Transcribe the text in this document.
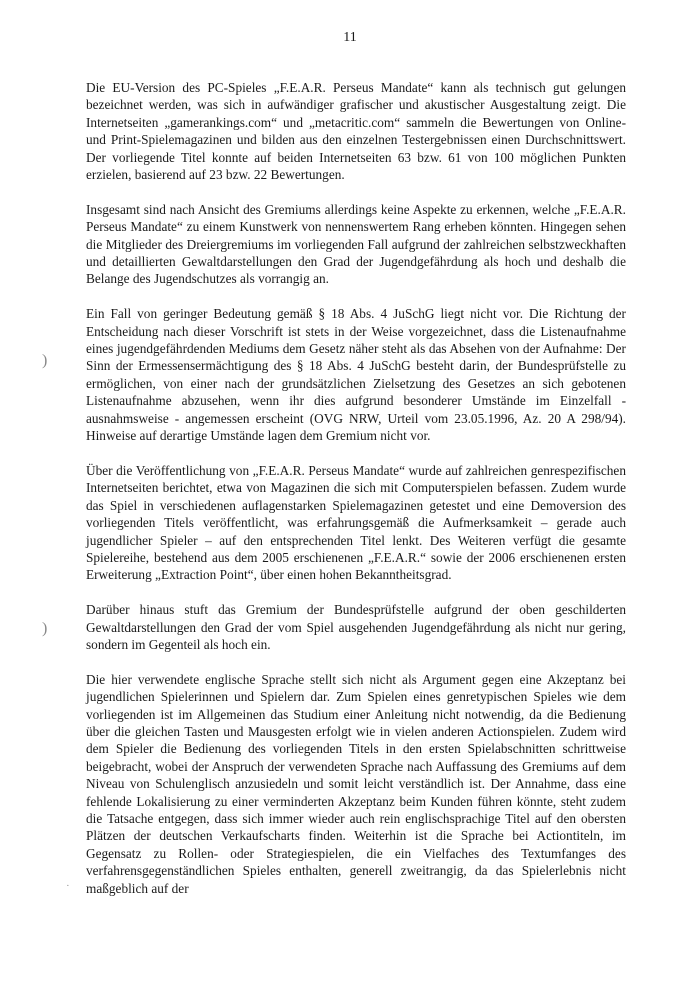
11
)
)
·

Die EU-Version des PC-Spieles „F.E.A.R. Perseus Mandate“ kann als technisch gut gelungen bezeichnet werden, was sich in aufwändiger grafischer und akustischer Ausgestaltung zeigt. Die Internetseiten „gamerankings.com“ und „metacritic.com“ sammeln die Bewertungen von Online- und Print-Spielemagazinen und bilden aus den einzelnen Testergebnissen einen Durchschnittswert. Der vorliegende Titel konnte auf beiden Internetseiten 63 bzw. 61 von 100 möglichen Punkten erzielen, basierend auf 23 bzw. 22 Bewertungen.

Insgesamt sind nach Ansicht des Gremiums allerdings keine Aspekte zu erkennen, welche „F.E.A.R. Perseus Mandate“ zu einem Kunstwerk von nennenswertem Rang erheben könnten. Hingegen sehen die Mitglieder des Dreiergremiums im vorliegenden Fall aufgrund der zahlreichen selbstzweckhaften und detaillierten Gewaltdarstellungen den Grad der Jugendgefährdung als hoch und deshalb die Belange des Jugendschutzes als vorrangig an.

Ein Fall von geringer Bedeutung gemäß § 18 Abs. 4 JuSchG liegt nicht vor. Die Richtung der Entscheidung nach dieser Vorschrift ist stets in der Weise vorgezeichnet, dass die Listenaufnahme eines jugendgefährdenden Mediums dem Gesetz näher steht als das Absehen von der Aufnahme: Der Sinn der Ermessensermächtigung des § 18 Abs. 4 JuSchG besteht darin, der Bundesprüfstelle zu ermöglichen, von einer nach der grundsätzlichen Zielsetzung des Gesetzes an sich gebotenen Listenaufnahme abzusehen, wenn ihr dies aufgrund besonderer Umstände im Einzelfall - ausnahmsweise - angemessen erscheint (OVG NRW, Urteil vom 23.05.1996, Az. 20 A 298/94). Hinweise auf derartige Umstände lagen dem Gremium nicht vor.

Über die Veröffentlichung von „F.E.A.R. Perseus Mandate“ wurde auf zahlreichen genrespezifischen Internetseiten berichtet, etwa von Magazinen die sich mit Computerspielen befassen. Zudem wurde das Spiel in verschiedenen auflagenstarken Spielemagazinen getestet und eine Demoversion des vorliegenden Titels veröffentlicht, was erfahrungsgemäß die Aufmerksamkeit – gerade auch jugendlicher Spieler – auf den entsprechenden Titel lenkt. Des Weiteren verfügt die gesamte Spielereihe, bestehend aus dem 2005 erschienenen „F.E.A.R.“ sowie der 2006 erschienenen ersten Erweiterung „Extraction Point“, über einen hohen Bekanntheitsgrad.

Darüber hinaus stuft das Gremium der Bundesprüfstelle aufgrund der oben geschilderten Gewaltdarstellungen den Grad der vom Spiel ausgehenden Jugendgefährdung als nicht nur gering, sondern im Gegenteil als hoch ein.

Die hier verwendete englische Sprache stellt sich nicht als Argument gegen eine Akzeptanz bei jugendlichen Spielerinnen und Spielern dar. Zum Spielen eines genretypischen Spieles wie dem vorliegenden ist im Allgemeinen das Studium einer Anleitung nicht notwendig, da die Bedienung über die gleichen Tasten und Mausgesten erfolgt wie in vielen anderen Actionspielen. Zudem wird dem Spieler die Bedienung des vorliegenden Titels in den ersten Spielabschnitten schrittweise beigebracht, wobei der Anspruch der verwendeten Sprache nach Auffassung des Gremiums auf dem Niveau von Schulenglisch anzusiedeln und somit leicht verständlich ist. Der Annahme, dass eine fehlende Lokalisierung zu einer verminderten Akzeptanz beim Kunden führen könnte, steht zudem die Tatsache entgegen, dass sich immer wieder auch rein englischsprachige Titel auf den obersten Plätzen der deutschen Verkaufscharts finden. Weiterhin ist die Sprache bei Actiontiteln, im Gegensatz zu Rollen- oder Strategiespielen, die ein Vielfaches des Textumfanges des verfahrensgegenständlichen Spieles enthalten, generell zweitrangig, da das Spielerlebnis nicht maßgeblich auf der
